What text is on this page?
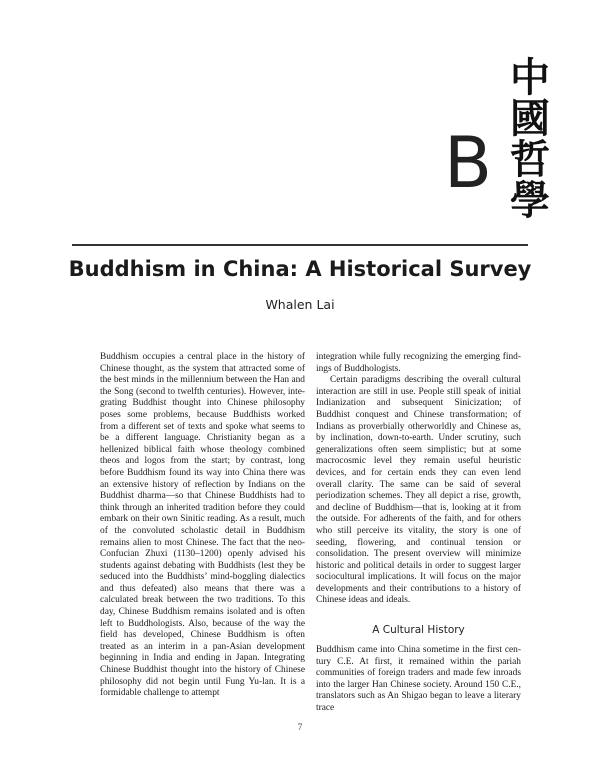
B
中
國
哲
學
Buddhism in China: A Historical Survey
Whalen Lai

Buddhism occupies a central place in the history of Chinese thought, as the system that attracted some of the best minds in the millennium between the Han and the Song (second to twelfth centuries). However, integrating Buddhist thought into Chinese philosophy poses some problems, because Buddhists worked from a different set of texts and spoke what seems to be a different language. Christianity began as a hellenized biblical faith whose theology combined theos and logos from the start; by contrast, long before Buddhism found its way into China there was an extensive history of reflection by Indians on the Buddhist dharma—so that Chinese Buddhists had to think through an inherited tradition before they could embark on their own Sinitic reading. As a result, much of the convoluted scholastic detail in Buddhism remains alien to most Chinese. The fact that the neo-Confucian Zhuxi (1130–1200) openly advised his students against debating with Buddhists (lest they be seduced into the Buddhists’ mind-boggling dialectics and thus defeated) also means that there was a calculated break between the two traditions. To this day, Chinese Buddhism remains isolated and is often left to Buddhologists. Also, because of the way the field has developed, Chinese Buddhism is often treated as an interim in a pan-Asian development beginning in India and ending in Japan. Integrating Chinese Buddhist thought into the history of Chinese philosophy did not begin until Fung Yu-lan. It is a formidable challenge to attempt

integration while fully recognizing the emerging findings of Buddhologists.

Certain paradigms describing the overall cultural interaction are still in use. People still speak of initial Indianization and subsequent Sinicization; of Buddhist conquest and Chinese transformation; of Indians as proverbially otherworldly and Chinese as, by inclination, down-to-earth. Under scrutiny, such generalizations often seem simplistic; but at some macrocosmic level they remain useful heuristic devices, and for certain ends they can even lend overall clarity. The same can be said of several periodization schemes. They all depict a rise, growth, and decline of Buddhism—that is, looking at it from the outside. For adherents of the faith, and for others who still perceive its vitality, the story is one of seeding, flowering, and continual tension or consolidation. The present overview will minimize historic and political details in order to suggest larger sociocultural implications. It will focus on the major developments and their contributions to a history of Chinese ideas and ideals.

A Cultural History

Buddhism came into China sometime in the first century C.E. At first, it remained within the pariah communities of foreign traders and made few inroads into the larger Han Chinese society. Around 150 C.E., translators such as An Shigao began to leave a literary trace

7
